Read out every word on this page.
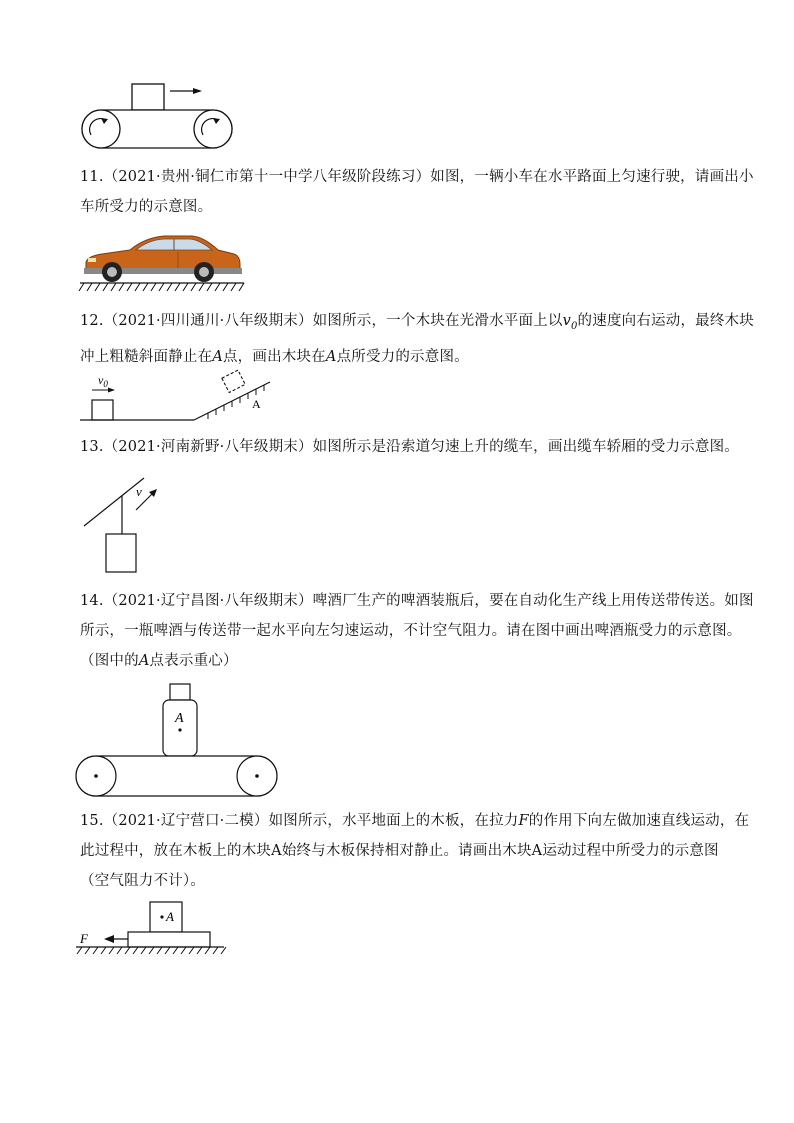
11.（2021·贵州·铜仁市第十一中学八年级阶段练习）如图，一辆小车在水平路面上匀速行驶，请画出小
车所受力的示意图。
12.（2021·四川通川·八年级期末）如图所示，一个木块在光滑水平面上以$v_0$的速度向右运动，最终木块
冲上粗糙斜面静止在A点，画出木块在A点所受力的示意图。
$v_0$
A
13.（2021·河南新野·八年级期末）如图所示是沿索道匀速上升的缆车，画出缆车轿厢的受力示意图。
v
14.（2021·辽宁昌图·八年级期末）啤酒厂生产的啤酒装瓶后，要在自动化生产线上用传送带传送。如图
所示，一瓶啤酒与传送带一起水平向左匀速运动，不计空气阻力。请在图中画出啤酒瓶受力的示意图。
（图中的A点表示重心）
A
15.（2021·辽宁营口·二模）如图所示，水平地面上的木板，在拉力F的作用下向左做加速直线运动，在
此过程中，放在木板上的木块A始终与木板保持相对静止。请画出木块A运动过程中所受力的示意图
（空气阻力不计）。
A
F
